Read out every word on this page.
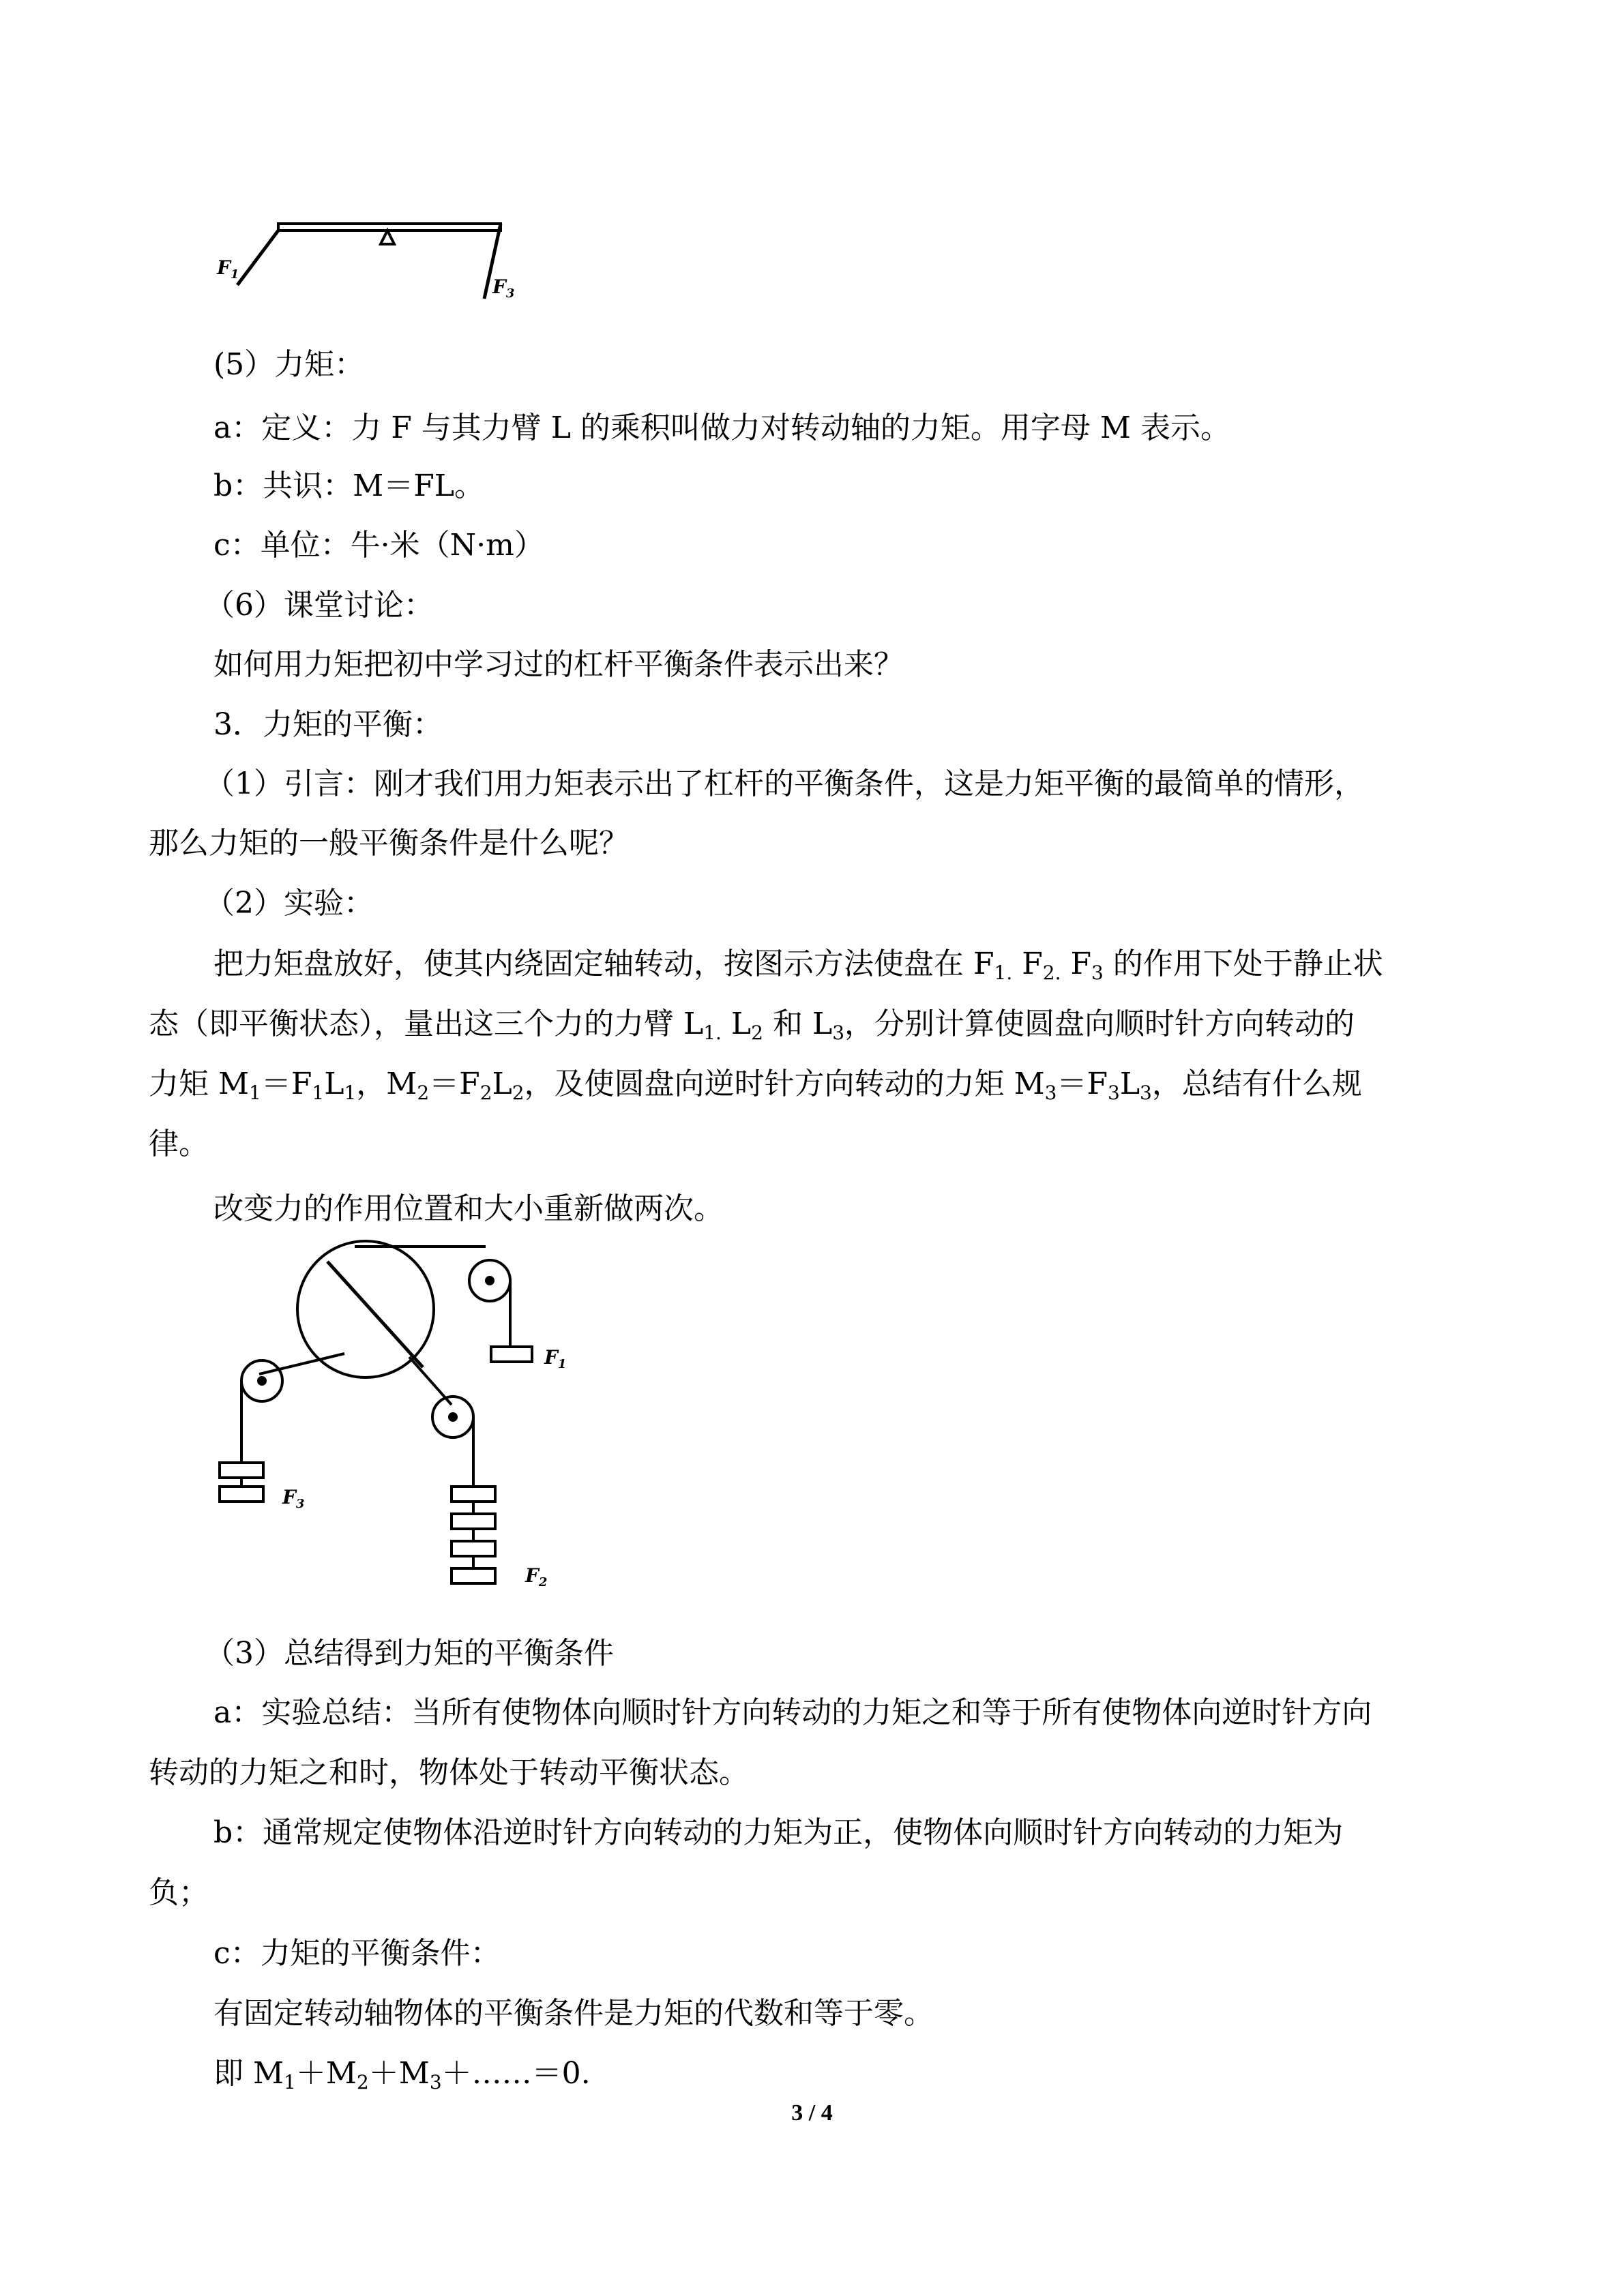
$F_1$
$F_3$
(5）力矩：
a：定义：力 F 与其力臂 L 的乘积叫做力对转动轴的力矩。用字母 M 表示。
b：共识：M＝FL。
c：单位：牛·米（N·m）
（6）课堂讨论：
如何用力矩把初中学习过的杠杆平衡条件表示出来？
3．力矩的平衡：
（1）引言：刚才我们用力矩表示出了杠杆的平衡条件，这是力矩平衡的最简单的情形，
那么力矩的一般平衡条件是什么呢？
（2）实验：
把力矩盘放好，使其内绕固定轴转动，按图示方法使盘在 $F_{1.}$ $F_{2.}$ $F_3$ 的作用下处于静止状
态（即平衡状态），量出这三个力的力臂 $L_{1.}$ $L_2$ 和 $L_3$，分别计算使圆盘向顺时针方向转动的
力矩 $M_1=F_1L_1$，$M_2=F_2L_2$，及使圆盘向逆时针方向转动的力矩 $M_3=F_3L_3$，总结有什么规
律。
改变力的作用位置和大小重新做两次。
$F_1$
$F_3$
$F_2$
（3）总结得到力矩的平衡条件
a：实验总结：当所有使物体向顺时针方向转动的力矩之和等于所有使物体向逆时针方向
转动的力矩之和时，物体处于转动平衡状态。
b：通常规定使物体沿逆时针方向转动的力矩为正，使物体向顺时针方向转动的力矩为
负；
c：力矩的平衡条件：
有固定转动轴物体的平衡条件是力矩的代数和等于零。
即 $M_1+M_2+M_3+\dots\dots=0$.
3 / 4
